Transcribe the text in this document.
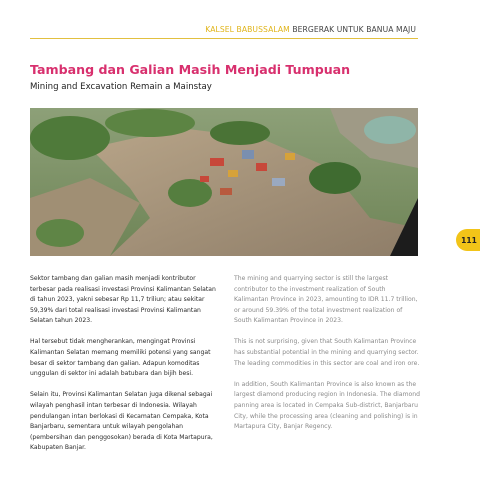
KALSEL BABUSSALAM BERGERAK UNTUK BANUA MAJU
Tambang dan Galian Masih Menjadi Tumpuan
Mining and Excavation Remain a Mainstay
111

Sektor tambang dan galian masih menjadi kontributor terbesar pada realisasi investasi Provinsi Kalimantan Selatan di tahun 2023, yakni sebesar Rp 11,7 triliun; atau sekitar 59,39% dari total realisasi investasi Provinsi Kalimantan Selatan tahun 2023.

Hal tersebut tidak mengherankan, mengingat Provinsi Kalimantan Selatan memang memiliki potensi yang sangat besar di sektor tambang dan galian. Adapun komoditas unggulan di sektor ini adalah batubara dan bijih besi.

Selain itu, Provinsi Kalimantan Selatan juga dikenal sebagai wilayah penghasil intan terbesar di Indonesia. Wilayah pendulangan intan berlokasi di Kecamatan Cempaka, Kota Banjarbaru, sementara untuk wilayah pengolahan (pembersihan dan penggosokan) berada di Kota Martapura, Kabupaten Banjar.

The mining and quarrying sector is still the largest contributor to the investment realization of South Kalimantan Province in 2023, amounting to IDR 11.7 trillion, or around 59.39% of the total investment realization of South Kalimantan Province in 2023.

This is not surprising, given that South Kalimantan Province has substantial potential in the mining and quarrying sector. The leading commodities in this sector are coal and iron ore.

In addition, South Kalimantan Province is also known as the largest diamond producing region in Indonesia. The diamond panning area is located in Cempaka Sub-district, Banjarbaru City, while the processing area (cleaning and polishing) is in Martapura City, Banjar Regency.
